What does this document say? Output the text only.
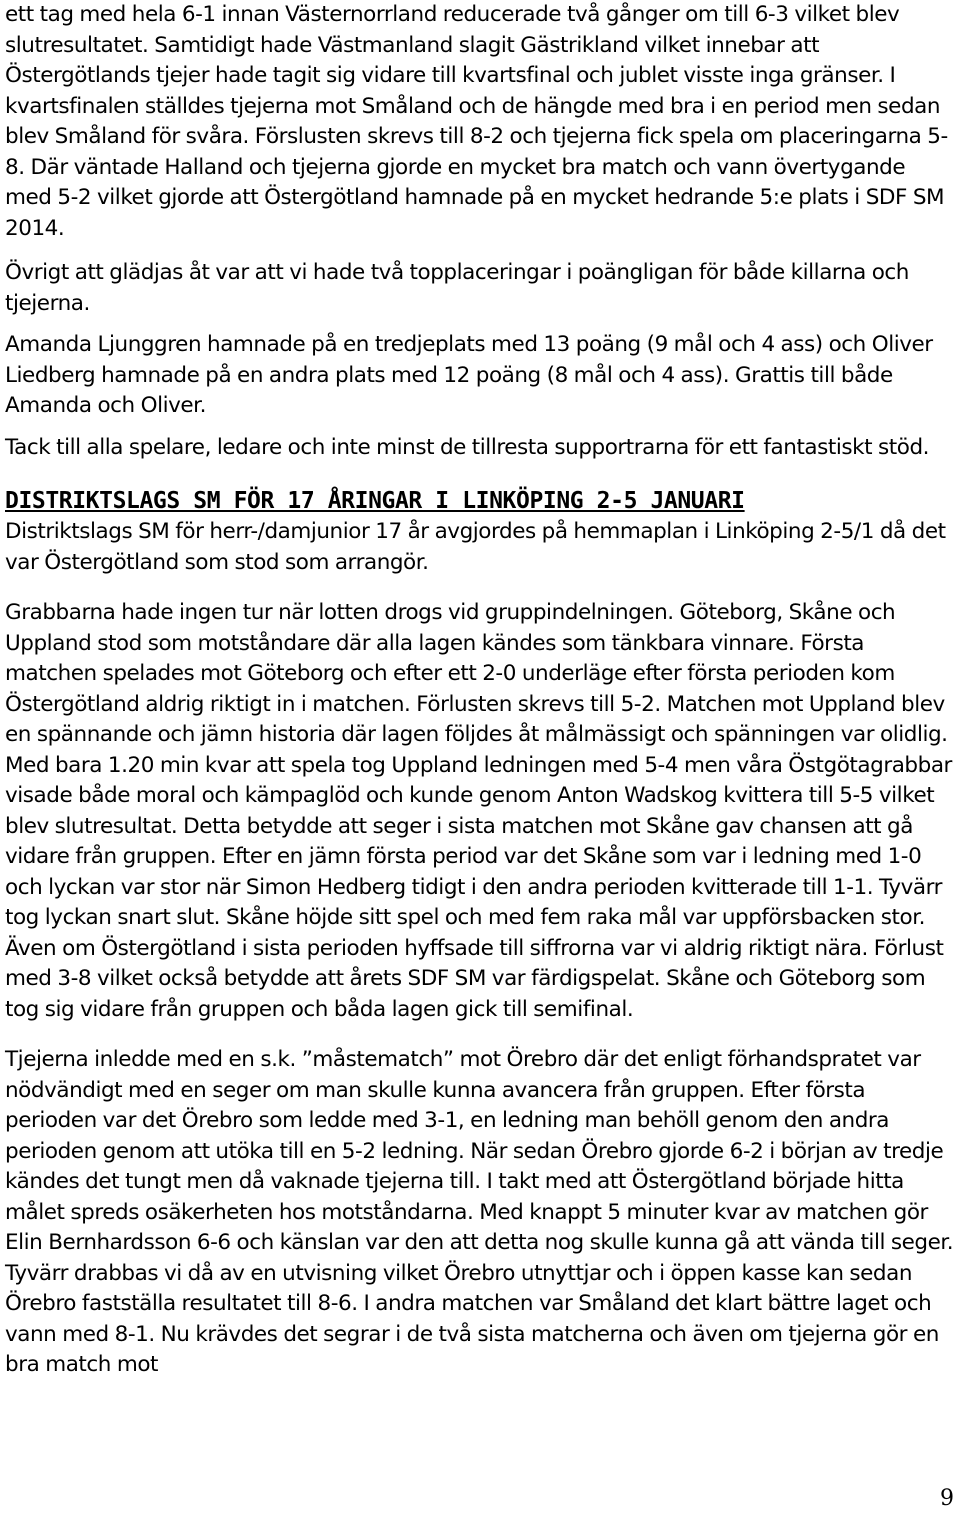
ett tag med hela 6-1 innan Västernorrland reducerade två gånger om till 6-3 vilket blev slutresultatet. Samtidigt hade Västmanland slagit Gästrikland vilket innebar att Östergötlands tjejer hade tagit sig vidare till kvartsfinal och jublet visste inga gränser. I kvartsfinalen ställdes tjejerna mot Småland och de hängde med bra i en period men sedan blev Småland för svåra. Förslusten skrevs till 8-2 och tjejerna fick spela om placeringarna 5-8. Där väntade Halland och tjejerna gjorde en mycket bra match och vann övertygande med 5-2 vilket gjorde att Östergötland hamnade på en mycket hedrande 5:e plats i SDF SM 2014.

Övrigt att glädjas åt var att vi hade två topplaceringar i poängligan för både killarna och tjejerna.

Amanda Ljunggren hamnade på en tredjeplats med 13 poäng (9 mål och 4 ass) och Oliver Liedberg hamnade på en andra plats med 12 poäng (8 mål och 4 ass). Grattis till både Amanda och Oliver.

Tack till alla spelare, ledare och inte minst de tillresta supportrarna för ett fantastiskt stöd.

DISTRIKTSLAGS SM FÖR 17 ÅRINGAR I LINKÖPING 2-5 JANUARI

Distriktslags SM för herr-/damjunior 17 år avgjordes på hemmaplan i Linköping 2-5/1 då det var Östergötland som stod som arrangör.

Grabbarna hade ingen tur när lotten drogs vid gruppindelningen. Göteborg, Skåne och Uppland stod som motståndare där alla lagen kändes som tänkbara vinnare. Första matchen spelades mot Göteborg och efter ett 2-0 underläge efter första perioden kom Östergötland aldrig riktigt in i matchen. Förlusten skrevs till 5-2. Matchen mot Uppland blev en spännande och jämn historia där lagen följdes åt målmässigt och spänningen var olidlig. Med bara 1.20 min kvar att spela tog Uppland ledningen med 5-4 men våra Östgötagrabbar visade både moral och kämpaglöd och kunde genom Anton Wadskog kvittera till 5-5 vilket blev slutresultat. Detta betydde att seger i sista matchen mot Skåne gav chansen att gå vidare från gruppen. Efter en jämn första period var det Skåne som var i ledning med 1-0 och lyckan var stor när Simon Hedberg tidigt i den andra perioden kvitterade till 1-1. Tyvärr tog lyckan snart slut. Skåne höjde sitt spel och med fem raka mål var uppförsbacken stor. Även om Östergötland i sista perioden hyffsade till siffrorna var vi aldrig riktigt nära. Förlust med 3-8 vilket också betydde att årets SDF SM var färdigspelat. Skåne och Göteborg som tog sig vidare från gruppen och båda lagen gick till semifinal.

Tjejerna inledde med en s.k. ”måstematch” mot Örebro där det enligt förhandspratet var nödvändigt med en seger om man skulle kunna avancera från gruppen. Efter första perioden var det Örebro som ledde med 3-1, en ledning man behöll genom den andra perioden genom att utöka till en 5-2 ledning. När sedan Örebro gjorde 6-2 i början av tredje kändes det tungt men då vaknade tjejerna till. I takt med att Östergötland började hitta målet spreds osäkerheten hos motståndarna. Med knappt 5 minuter kvar av matchen gör Elin Bernhardsson 6-6 och känslan var den att detta nog skulle kunna gå att vända till seger. Tyvärr drabbas vi då av en utvisning vilket Örebro utnyttjar och i öppen kasse kan sedan Örebro fastställa resultatet till 8-6. I andra matchen var Småland det klart bättre laget och vann med 8-1. Nu krävdes det segrar i de två sista matcherna och även om tjejerna gör en bra match mot

9
